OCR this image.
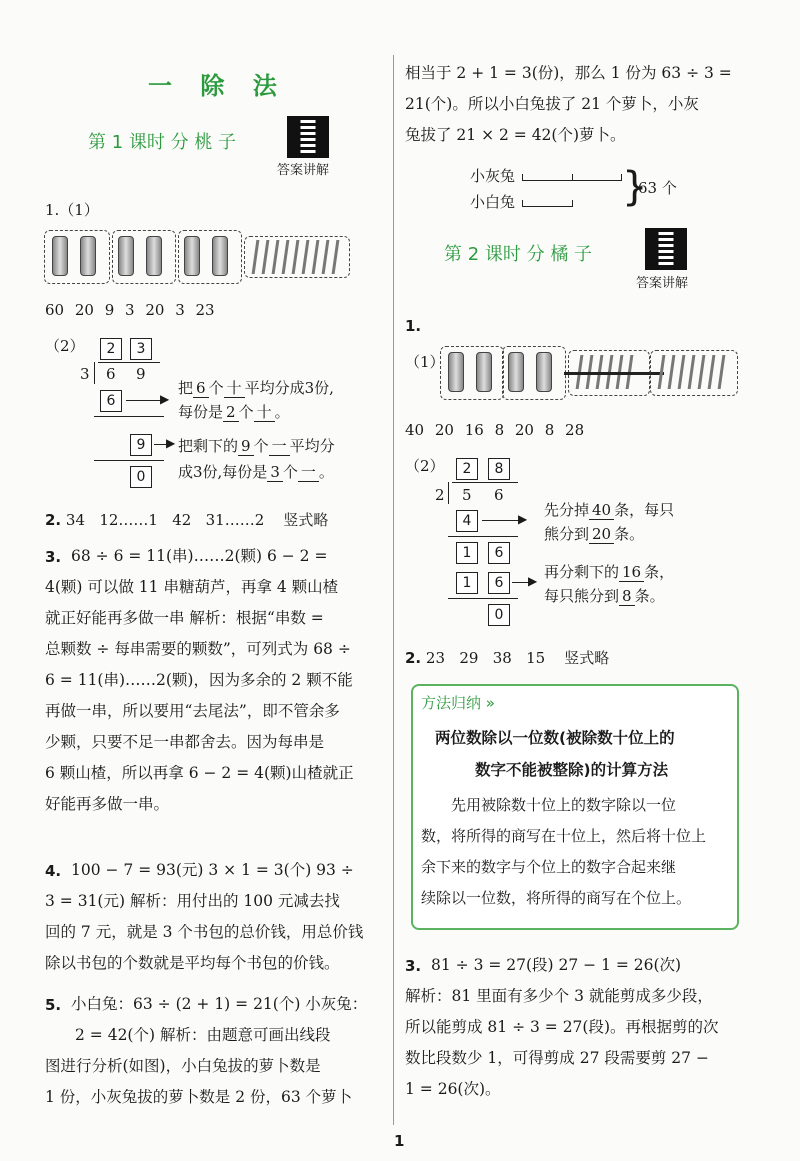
一 除 法
第 1 课时 分 桃 子
答案讲解
1.（1）
60 20 9 3 20 3 23
（2）	2	3
3 6 9
6	▶
9	▶
0
把 6 个 十 平均分成3份,
每份是 2 个 十 。
把剩下的 9 个 一 平均分
成3份,每份是 3 个 一 。
2. 34   12……1   42   31……2    竖式略
3. 68 ÷ 6 = 11(串)……2(颗) 6 − 2 =
4(颗) 可以做 11 串糖葫芦，再拿 4 颗山楂
就正好能再多做一串 解析：根据“串数 =
总颗数 ÷ 每串需要的颗数”，可列式为 68 ÷
6 = 11(串)……2(颗)，因为多余的 2 颗不能
再做一串，所以要用“去尾法”，即不管余多
少颗，只要不足一串都舍去。因为每串是
6 颗山楂，所以再拿 6 − 2 = 4(颗)山楂就正
好能再多做一串。
4. 100 − 7 = 93(元) 3 × 1 = 3(个) 93 ÷
3 = 31(元) 解析：用付出的 100 元减去找
回的 7 元，就是 3 个书包的总价钱，用总价钱
除以书包的个数就是平均每个书包的价钱。
5. 小白兔：63 ÷ (2 + 1) = 21(个) 小灰兔：
2 = 42(个) 解析：由题意可画出线段
图进行分析(如图)，小白兔拔的萝卜数是
1 份，小灰兔拔的萝卜数是 2 份，63 个萝卜
相当于 2 + 1 = 3(份)，那么 1 份为 63 ÷ 3 =
21(个)。所以小白兔拔了 21 个萝卜，小灰
兔拔了 21 × 2 = 42(个)萝卜。
小灰兔
小白兔	}
63 个
第 2 课时 分 橘 子
答案讲解
1.
（1）
40 20 16 8 20 8 28
（2）	2	8
2 5 6
4	▶
1	6
1	6	▶
0
先分掉 40 条，每只
熊分到 20 条。
再分剩下的 16 条，
每只熊分到 8 条。
2. 23   29   38   15    竖式略
方法归纳 »
两位数除以一位数(被除数十位上的
数字不能被整除)的计算方法
先用被除数十位上的数字除以一位
数，将所得的商写在十位上，然后将十位上
余下来的数字与个位上的数字合起来继
续除以一位数，将所得的商写在个位上。
3. 81 ÷ 3 = 27(段) 27 − 1 = 26(次)
解析：81 里面有多少个 3 就能剪成多少段，
所以能剪成 81 ÷ 3 = 27(段)。再根据剪的次
数比段数少 1，可得剪成 27 段需要剪 27 −
1 = 26(次)。
1
